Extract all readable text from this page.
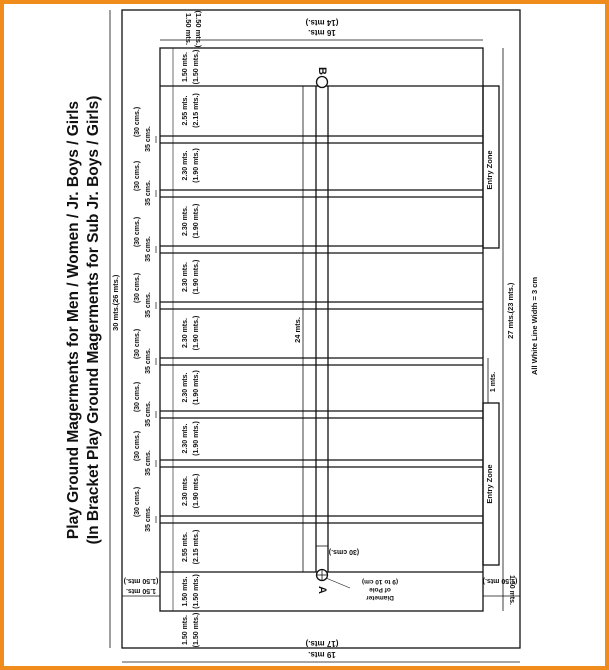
Play Ground Magerments for Men / Women / Jr. Boys / Girls (In Bracket Play Ground Magerments for Sub Jr. Boys / Girls)	35 cms.
(30 cms.)
35 cms.
(30 cms.)
35 cms.
(30 cms.)
35 cms.
(30 cms.)
35 cms.
(30 cms.)
35 cms.
(30 cms.)
35 cms.
(30 cms.)
35 cms.
(30 cms.)
1.50 mts. (1.50 mts.)
2.55 mts. (2.15 mts.)
2.30 mts. (1.90 mts.)
2.30 mts. (1.90 mts.)
2.30 mts. (1.90 mts.)
2.30 mts. (1.90 mts.)
2.30 mts. (1.90 mts.)
2.30 mts. (1.90 mts.)
2.30 mts. (1.90 mts.)
2.55 mts. (2.15 mts.)
1.50 mts. (1.50 mts.)
1.50 mts. (1.50 mts.)
1.50 mts. (1.50 mts.)	16 mts.
(14 mts.)
19 mts.
(17 mts.)
30 mts.
(26 mts.)
27 mts.
(23 mts.) All White Line Width = 3 cm
1.50 mts.
(1.50 mts.)	1.50 mts.
(1.50 mts.)
Entry Zone
Entry Zone
1 mts.
24 mts.
(30 cms.)
A
B
Diameter
of Pole
(9 to 10 cm)
